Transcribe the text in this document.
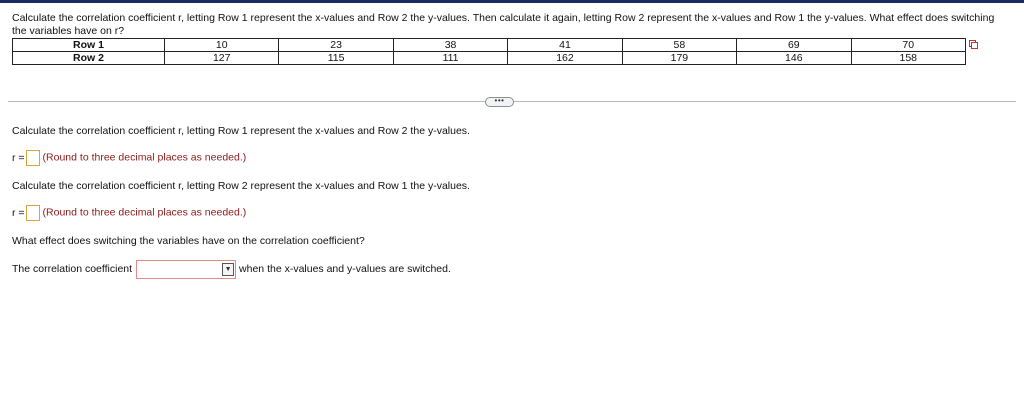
Calculate the correlation coefficient r, letting Row 1 represent the x-values and Row 2 the y-values. Then calculate it again, letting Row 2 represent the x-values and Row 1 the y-values. What effect does switching
the variables have on r?
Row 1	10	23	38	41	58	69	70
Row 2	127	115	111	162	179	146	158
•••
Calculate the correlation coefficient r, letting Row 1 represent the x-values and Row 2 the y-values.
r = (Round to three decimal places as needed.)
Calculate the correlation coefficient r, letting Row 2 represent the x-values and Row 1 the y-values.
r = (Round to three decimal places as needed.)
What effect does switching the variables have on the correlation coefficient?
The correlation coefficient	▼ when the x-values and y-values are switched.
